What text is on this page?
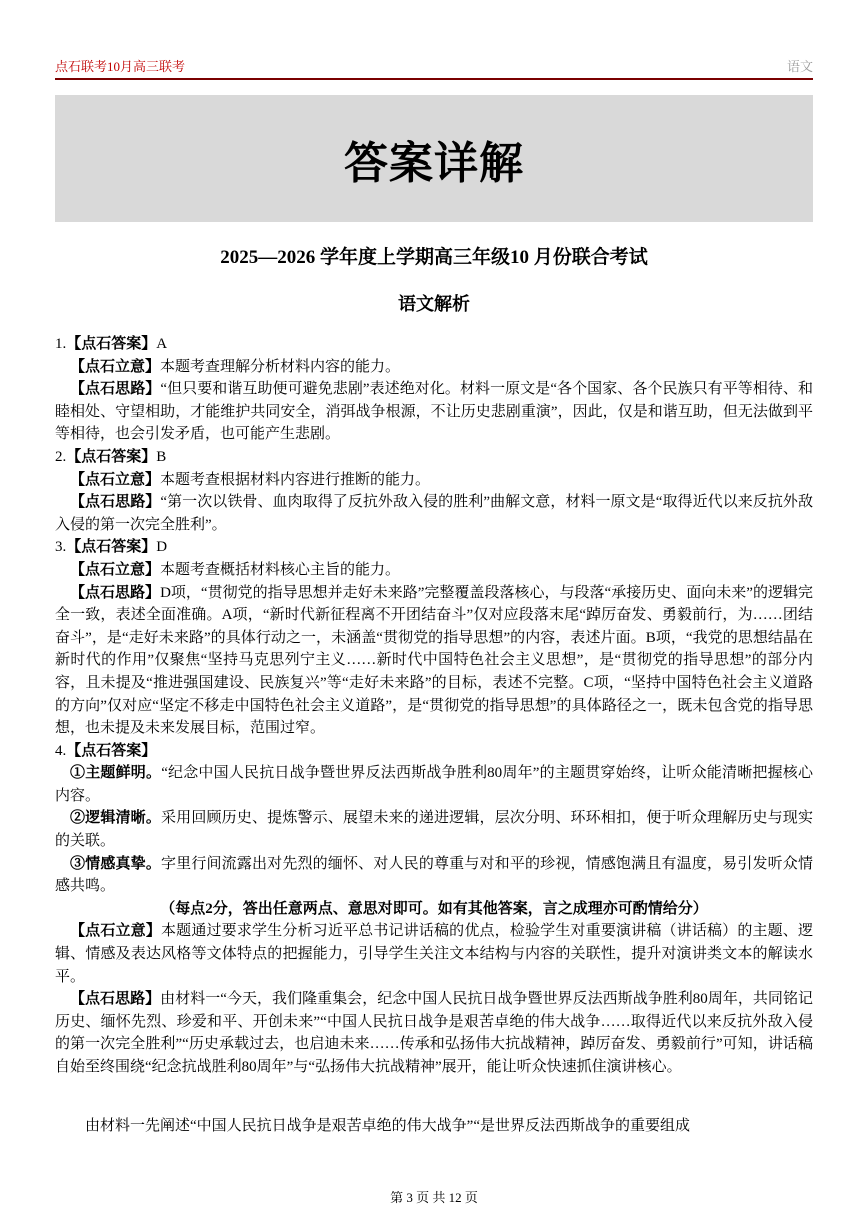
点石联考10月高三联考	语文
答案详解
2025—2026 学年度上学期高三年级10 月份联合考试
语文解析

1.【点石答案】A

【点石立意】本题考查理解分析材料内容的能力。

【点石思路】“但只要和谐互助便可避免悲剧”表述绝对化。材料一原文是“各个国家、各个民族只有平等相待、和睦相处、守望相助，才能维护共同安全，消弭战争根源，不让历史悲剧重演”，因此，仅是和谐互助，但无法做到平等相待，也会引发矛盾，也可能产生悲剧。

2.【点石答案】B

【点石立意】本题考查根据材料内容进行推断的能力。

【点石思路】“第一次以铁骨、血肉取得了反抗外敌入侵的胜利”曲解文意，材料一原文是“取得近代以来反抗外敌入侵的第一次完全胜利”。

3.【点石答案】D

【点石立意】本题考查概括材料核心主旨的能力。

【点石思路】D项，“贯彻党的指导思想并走好未来路”完整覆盖段落核心，与段落“承接历史、面向未来”的逻辑完全一致，表述全面准确。A项，“新时代新征程离不开团结奋斗”仅对应段落末尾“踔厉奋发、勇毅前行，为……团结奋斗”，是“走好未来路”的具体行动之一，未涵盖“贯彻党的指导思想”的内容，表述片面。B项，“我党的思想结晶在新时代的作用”仅聚焦“坚持马克思列宁主义……新时代中国特色社会主义思想”，是“贯彻党的指导思想”的部分内容，且未提及“推进强国建设、民族复兴”等“走好未来路”的目标，表述不完整。C项，“坚持中国特色社会主义道路的方向”仅对应“坚定不移走中国特色社会主义道路”，是“贯彻党的指导思想”的具体路径之一，既未包含党的指导思想，也未提及未来发展目标，范围过窄。

4.【点石答案】

①主题鲜明。“纪念中国人民抗日战争暨世界反法西斯战争胜利80周年”的主题贯穿始终，让听众能清晰把握核心内容。

②逻辑清晰。采用回顾历史、提炼警示、展望未来的递进逻辑，层次分明、环环相扣，便于听众理解历史与现实的关联。

③情感真挚。字里行间流露出对先烈的缅怀、对人民的尊重与对和平的珍视，情感饱满且有温度，易引发听众情感共鸣。

（每点2分，答出任意两点、意思对即可。如有其他答案，言之成理亦可酌情给分）

【点石立意】本题通过要求学生分析习近平总书记讲话稿的优点，检验学生对重要演讲稿（讲话稿）的主题、逻辑、情感及表达风格等文体特点的把握能力，引导学生关注文本结构与内容的关联性，提升对演讲类文本的解读水平。

【点石思路】由材料一“今天，我们隆重集会，纪念中国人民抗日战争暨世界反法西斯战争胜利80周年，共同铭记历史、缅怀先烈、珍爱和平、开创未来”“中国人民抗日战争是艰苦卓绝的伟大战争……取得近代以来反抗外敌入侵的第一次完全胜利”“历史承载过去，也启迪未来……传承和弘扬伟大抗战精神，踔厉奋发、勇毅前行”可知，讲话稿自始至终围绕“纪念抗战胜利80周年”与“弘扬伟大抗战精神”展开，能让听众快速抓住演讲核心。

由材料一先阐述“中国人民抗日战争是艰苦卓绝的伟大战争”“是世界反法西斯战争的重要组成

第 3 页 共 12 页
